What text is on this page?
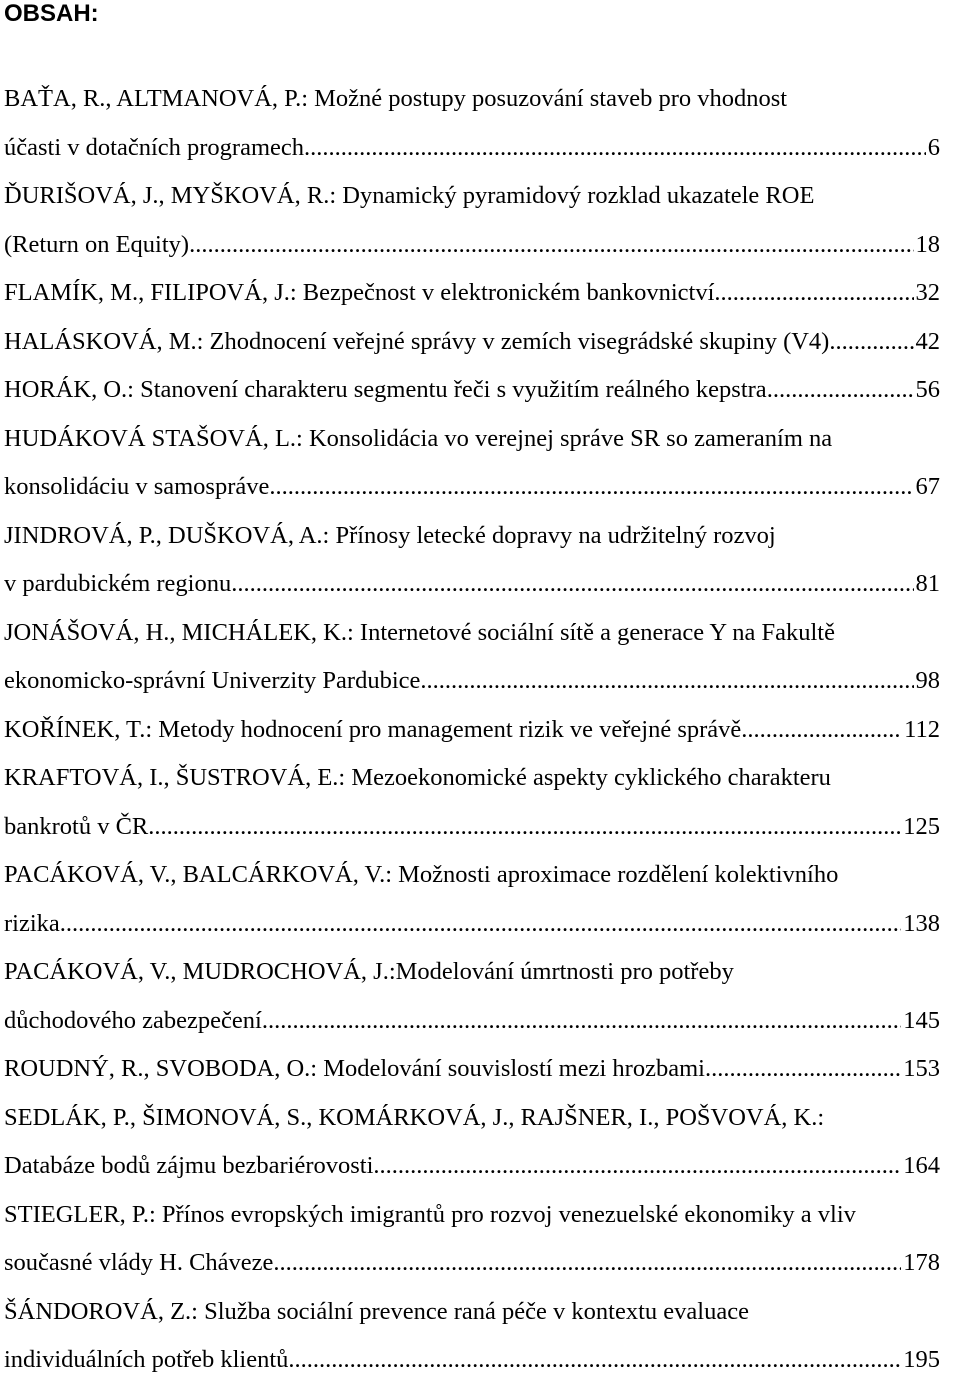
OBSAH:
BAŤA, R., ALTMANOVÁ, P.: Možné postupy posuzování staveb pro vhodnost
účasti v dotačních programech .....	6
ĎURIŠOVÁ, J., MYŠKOVÁ, R.: Dynamický pyramidový rozklad ukazatele ROE
(Return on Equity) .....	18
FLAMÍK, M., FILIPOVÁ, J.: Bezpečnost v elektronickém bankovnictví .....	32
HALÁSKOVÁ, M.: Zhodnocení veřejné správy v zemích visegrádské skupiny (V4) .....	42
HORÁK, O.: Stanovení charakteru segmentu řeči s využitím reálného kepstra .....	56
HUDÁKOVÁ STAŠOVÁ, L.: Konsolidácia vo verejnej správe SR so zameraním na
konsolidáciu v samospráve .....	67
JINDROVÁ, P., DUŠKOVÁ, A.: Přínosy letecké dopravy na udržitelný rozvoj
v pardubickém regionu .....	81
JONÁŠOVÁ, H., MICHÁLEK, K.: Internetové sociální sítě a generace Y na Fakultě
ekonomicko-správní Univerzity Pardubice .....	98
KOŘÍNEK, T.: Metody hodnocení pro management rizik ve veřejné správě .....	112
KRAFTOVÁ, I., ŠUSTROVÁ, E.: Mezoekonomické aspekty cyklického charakteru
bankrotů v ČR .....	125
PACÁKOVÁ, V., BALCÁRKOVÁ, V.: Možnosti aproximace rozdělení kolektivního
rizika .....	138
PACÁKOVÁ, V., MUDROCHOVÁ, J.:Modelování úmrtnosti pro potřeby
důchodového zabezpečení .....	145
ROUDNÝ, R., SVOBODA, O.: Modelování souvislostí mezi hrozbami .....	153
SEDLÁK, P., ŠIMONOVÁ, S., KOMÁRKOVÁ, J., RAJŠNER, I., POŠVOVÁ, K.:
Databáze bodů zájmu bezbariérovosti .....	164
STIEGLER, P.: Přínos evropských imigrantů pro rozvoj venezuelské ekonomiky a vliv
současné vlády H. Cháveze .....	178
ŠÁNDOROVÁ, Z.: Služba sociální prevence raná péče v kontextu evaluace
individuálních potřeb klientů .....	195
